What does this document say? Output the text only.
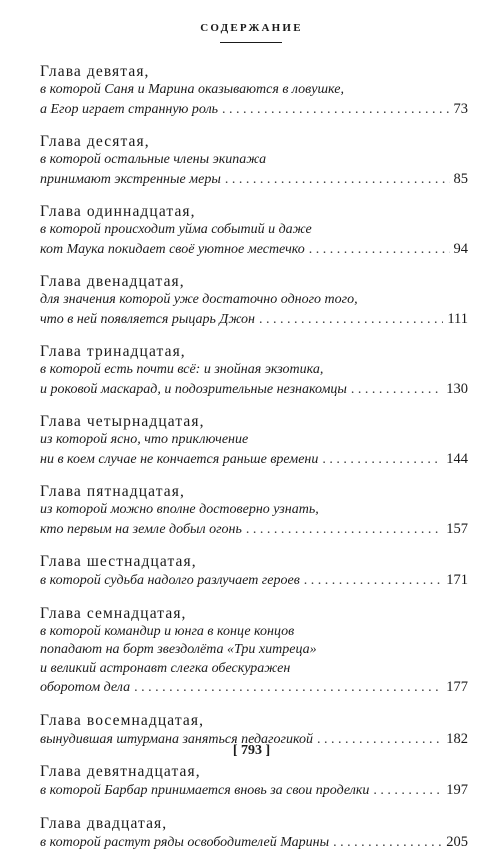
СОДЕРЖАНИЕ
Глава девятая,
в которой Саня и Марина оказываются в ловушке,
а Егор играет странную роль . . .	73
Глава десятая,
в которой остальные члены экипажа
принимают экстренные меры . . .	85
Глава одиннадцатая,
в которой происходит уйма событий и даже
кот Маука покидает своё уютное местечко . . .	94
Глава двенадцатая,
для значения которой уже достаточно одного того,
что в ней появляется рыцарь Джон . . .	111
Глава тринадцатая,
в которой есть почти всё: и знойная экзотика,
и роковой маскарад, и подозрительные незнакомцы . . .	130
Глава четырнадцатая,
из которой ясно, что приключение
ни в коем случае не кончается раньше времени . . .	144
Глава пятнадцатая,
из которой можно вполне достоверно узнать,
кто первым на земле добыл огонь . . .	157
Глава шестнадцатая,
в которой судьба надолго разлучает героев . . .	171
Глава семнадцатая,
в которой командир и юнга в конце концов
попадают на борт звездолёта «Три хитреца»
и великий астронавт слегка обескуражен
оборотом дела . . .	177
Глава восемнадцатая,
вынудившая штурмана заняться педагогикой . . .	182
Глава девятнадцатая,
в которой Барбар принимается вновь за свои проделки . . .	197
Глава двадцатая,
в которой растут ряды освободителей Марины . . .	205
[ 793 ]
